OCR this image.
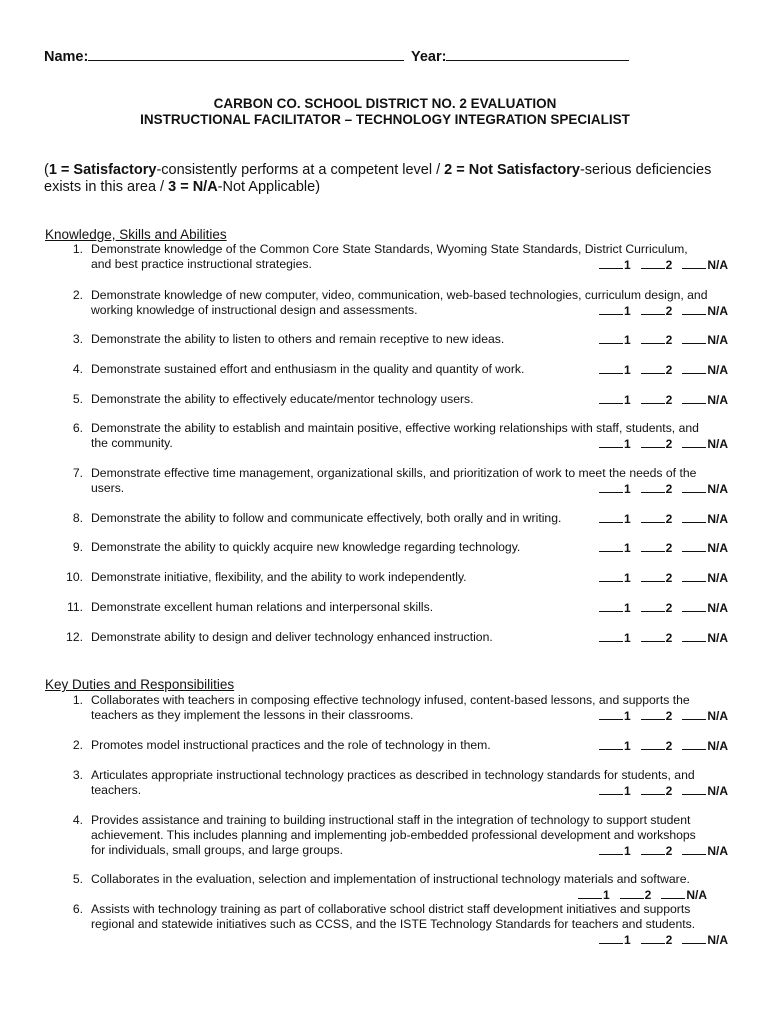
Name:	Year:
CARBON CO. SCHOOL DISTRICT NO. 2 EVALUATION
INSTRUCTIONAL FACILITATOR – TECHNOLOGY INTEGRATION SPECIALIST
(1 = Satisfactory-consistently performs at a competent level / 2 = Not Satisfactory-serious deficiencies exists in this area / 3 = N/A-Not Applicable)
Knowledge, Skills and Abilities
Key Duties and Responsibilities
1. Demonstrate knowledge of the Common Core State Standards, Wyoming State Standards, District Curriculum,
and best practice instructional strategies.	1	2	N/A
2. Demonstrate knowledge of new computer, video, communication, web-based technologies, curriculum design, and
working knowledge of instructional design and assessments.	1	2	N/A
3. Demonstrate the ability to listen to others and remain receptive to new ideas.	1	2	N/A
4. Demonstrate sustained effort and enthusiasm in the quality and quantity of work.	1	2	N/A
5. Demonstrate the ability to effectively educate/mentor technology users.	1	2	N/A
6. Demonstrate the ability to establish and maintain positive, effective working relationships with staff, students, and
the community.	1	2	N/A
7. Demonstrate effective time management, organizational skills, and prioritization of work to meet the needs of the
users.	1	2	N/A
8. Demonstrate the ability to follow and communicate effectively, both orally and in writing.	1	2	N/A
9. Demonstrate the ability to quickly acquire new knowledge regarding technology.	1	2	N/A
10. Demonstrate initiative, flexibility, and the ability to work independently.	1	2	N/A
11. Demonstrate excellent human relations and interpersonal skills.	1	2	N/A
12. Demonstrate ability to design and deliver technology enhanced instruction.	1	2	N/A
1. Collaborates with teachers in composing effective technology infused, content-based lessons, and supports the
teachers as they implement the lessons in their classrooms.	1	2	N/A
2. Promotes model instructional practices and the role of technology in them.	1	2	N/A
3. Articulates appropriate instructional technology practices as described in technology standards for students, and
teachers.	1	2	N/A
4. Provides assistance and training to building instructional staff in the integration of technology to support student
achievement. This includes planning and implementing job-embedded professional development and workshops
for individuals, small groups, and large groups.	1	2	N/A
5. Collaborates in the evaluation, selection and implementation of instructional technology materials and software.
1	2	N/A
6. Assists with technology training as part of collaborative school district staff development initiatives and supports
regional and statewide initiatives such as CCSS, and the ISTE Technology Standards for teachers and students.
1	2	N/A
